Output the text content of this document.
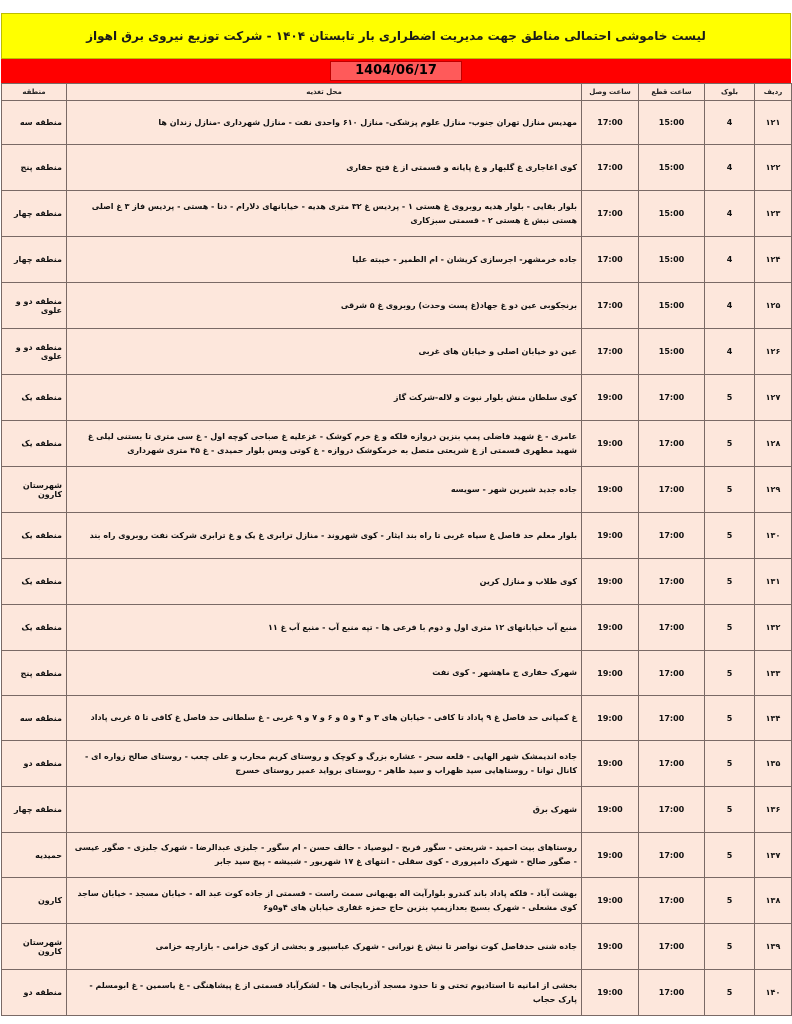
لیست خاموشی احتمالی مناطق جهت مدیریت اضطراری بار تابستان ۱۴۰۴ - شرکت توزیع نیروی برق اهواز
1404/06/17
ردیف	بلوک	ساعت قطع	ساعت وصل	محل تغذیه	منطقه
۱۲۱	4	15:00	17:00	مهدیس منازل تهران جنوب- منازل علوم پزشکی- منازل ۶۱۰ واحدی نفت - منازل شهرداری -منازل زندان ها	منطقه سه
۱۲۲	4	15:00	17:00	کوی اغاجاری غ گلبهار و غ پایانه و قسمتی از غ فتح حفاری	منطقه پنج
۱۲۳	4	15:00	17:00	بلوار بقایی - بلوار هدیه روبروی غ هستی ۱ - پردیس غ ۳۲ متری هدیه - خیابانهای دلارام - دنا - هستی - پردیس فاز ۳ غ اصلی هستی نبش غ هستی ۲ - قسمتی سبزکاری	منطقه چهار
۱۲۴	4	15:00	17:00	جاده خرمشهر- اجرسازی کریشان - ام الطمیر - خیبته علیا	منطقه چهار
۱۲۵	4	15:00	17:00	برنجکوبی عین دو غ جهاد(غ پست وحدت) روبروی غ ۵ شرقی	منطقه دو و علوی
۱۲۶	4	15:00	17:00	عین دو خیابان اصلی و خیابان های غربی	منطقه دو و علوی
۱۲۷	5	17:00	19:00	کوی سلطان منش بلوار نبوت و لاله-شرکت گاز	منطقه یک
۱۲۸	5	17:00	19:00	عامری - غ شهید فاضلی پمپ بنزین دروازه فلکه و غ خرم کوشک - غزعلیه غ صباحی کوچه اول - غ سی متری تا بستنی لیلی غ شهید مطهری قسمتی از غ شریعتی متصل به خرمکوشک دروازه - غ کوتی ویس بلوار حمیدی - غ ۴۵ متری شهرداری	منطقه یک
۱۲۹	5	17:00	19:00	جاده جدید شیرین شهر - سویسه	شهرستان کارون
۱۳۰	5	17:00	19:00	بلوار معلم حد فاصل غ سیاه غربی تا راه بند ایثار - کوی شهروند - منازل ترابری غ یک و غ ترابری شرکت نفت روبروی راه بند	منطقه یک
۱۳۱	5	17:00	19:00	کوی طلاب و منازل کرین	منطقه یک
۱۳۲	5	17:00	19:00	منبع آب خیابانهای ۱۲ متری اول و دوم با فرعی ها - تپه منبع آب - منبع آب غ ۱۱	منطقه یک
۱۳۳	5	17:00	19:00	شهرک حفاری ج ماهشهر - کوی نفت	منطقه پنج
۱۳۴	5	17:00	19:00	غ کمپانی حد فاصل غ ۹ پاداد تا کافی - خیابان های ۳ و ۴ و ۵ و ۶ و ۷ و ۹ غربی - غ سلطانی حد فاصل غ کافی تا ۵ غربی پاداد	منطقه سه
۱۳۵	5	17:00	19:00	جاده اندیمشک شهر الهایی - قلعه سحر - عشاره بزرگ و کوچک و روستای کریم محارب و علی چعب - روستای صالح زواره ای - کانال توانا - روستاهایی سید ظهراب و سید طاهر - روستای برواید عمیر روستای خسرج	منطقه دو
۱۳۶	5	17:00	19:00	شهرک برق	منطقه چهار
۱۳۷	5	17:00	19:00	روستاهای بیت احمید - شریعتی - سگور فریح - لیوصیاد - حالف حسن - ام سگور - جلیزی عبدالرضا - شهرک جلیزی - صگور عیسی - صگور صالح - شهرک دامپروری - کوی سقلی - انتهای غ ۱۷ شهریور - شبیشه - پیچ سید جابر	حمیدیه
۱۳۸	5	17:00	19:00	بهشت آباد - فلکه پاداد باند کندرو بلوارآیت اله بهبهانی سمت راست - قسمتی از جاده کوت عبد اله - خیابان مسجد - خیابان ساجد کوی مشعلی - شهرک بسیج بعدازپمپ بنزین حاج حمزه غفاری خیابان های ۴و۵و۶	کارون
۱۳۹	5	17:00	19:00	جاده شنی حدفاصل کوت نواصر تا نبش غ نورانی - شهرک عباسپور و بخشی از کوی خزامی - بازارچه خزامی	شهرستان کارون
۱۴۰	5	17:00	19:00	بخشی از امانیه تا استادیوم تختی و تا حدود مسجد آذربایجانی ها - لشکرآباد قسمتی از غ پیشاهنگی - غ یاسمین - غ ابومسلم - پارک حجاب	منطقه دو
